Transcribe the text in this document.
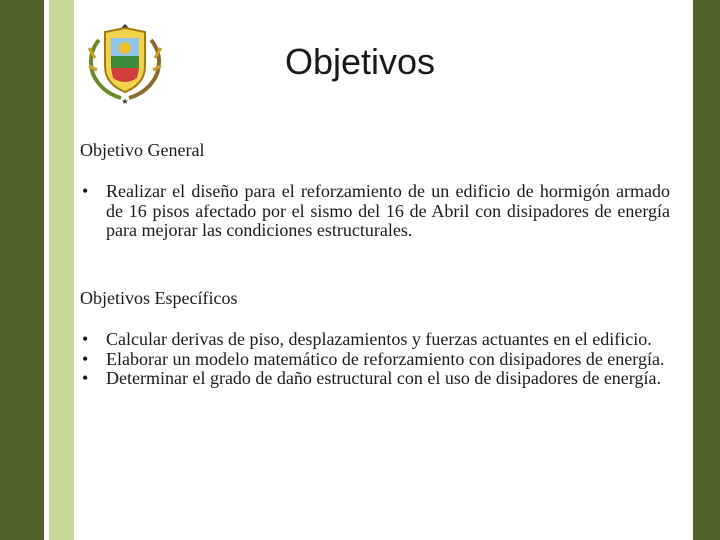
★
Objetivos
Objetivo General
• Realizar el diseño para el reforzamiento de un edificio de hormigón armado de 16 pisos afectado por el sismo del 16 de Abril con disipadores de energía para mejorar las condiciones estructurales.
Objetivos Específicos
• Calcular derivas de piso, desplazamientos y fuerzas actuantes en el edificio.
• Elaborar un modelo matemático de reforzamiento con disipadores de energía.
• Determinar el grado de daño estructural con el uso de disipadores de energía.
